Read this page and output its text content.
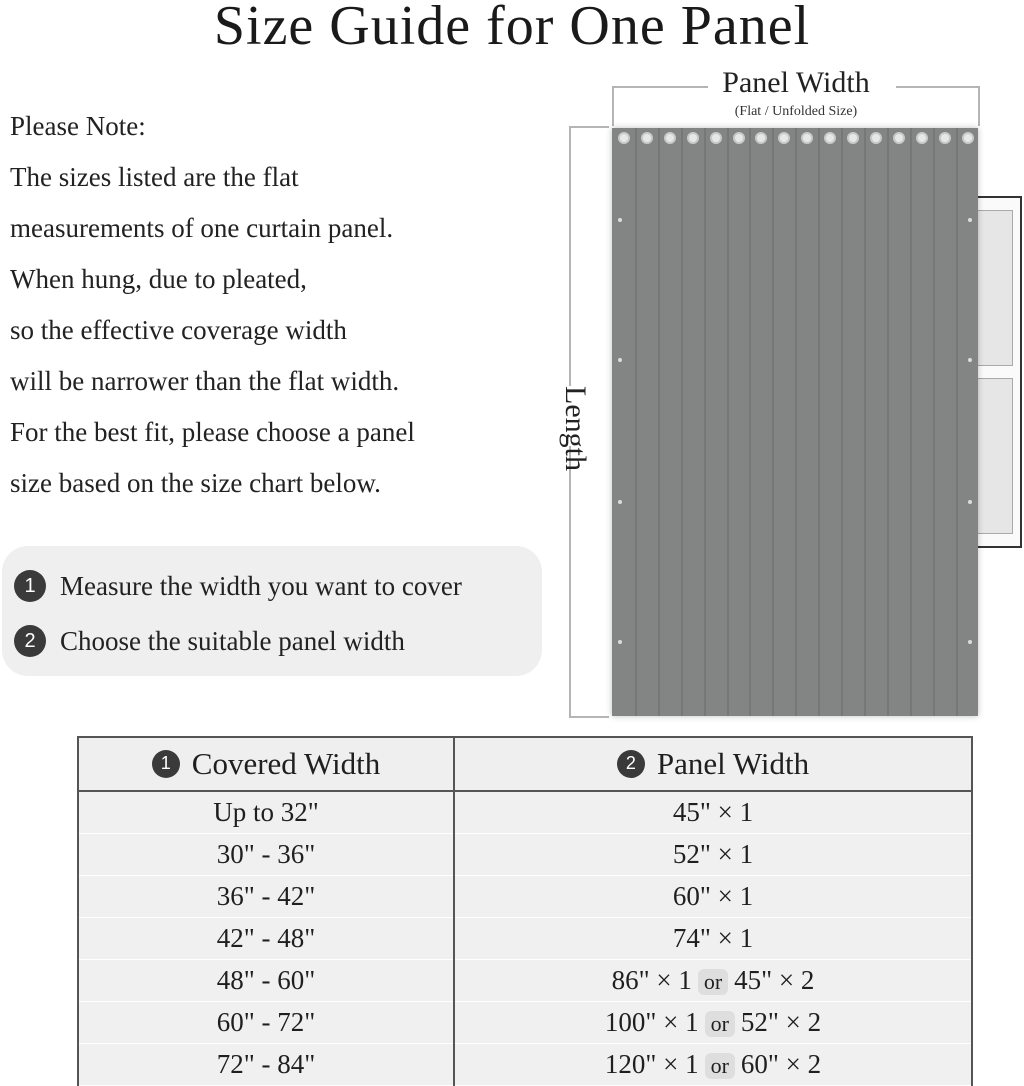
Size Guide for One Panel
Please Note:
The sizes listed are the flat
measurements of one curtain panel.
When hung, due to pleated,
so the effective coverage width
will be narrower than the flat width.
For the best fit, please choose a panel
size based on the size chart below.
1 Measure the width you want to cover
2 Choose the suitable panel width
Panel Width
(Flat / Unfolded Size)
Length
1 Covered Width	2 Panel Width
Up to 32"	45" × 1
30" - 36"	52" × 1
36" - 42"	60" × 1
42" - 48"	74" × 1
48" - 60"	86" × 1 or 45" × 2
60" - 72"	100" × 1 or 52" × 2
72" - 84"	120" × 1 or 60" × 2
